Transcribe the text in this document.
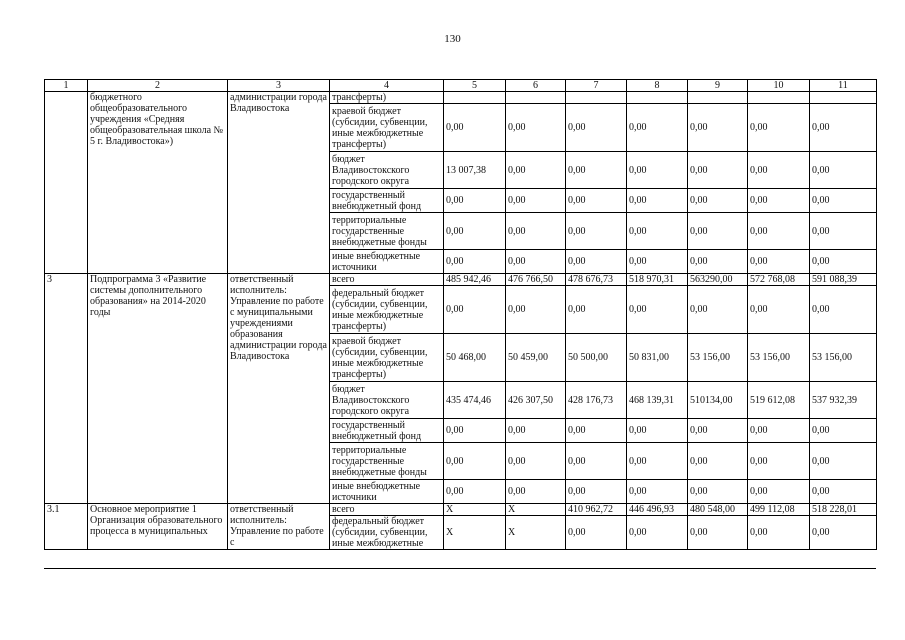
130
1	2	3	4	5	6	7	8	9	10	11
	бюджетного общеобразовательного учреждения «Средняя общеобразовательная школа № 5 г. Владивостока»)	администрации города Владивостока	трансферты)							
			краевой бюджет (субсидии, субвенции, иные межбюджетные трансферты)	0,00	0,00	0,00	0,00	0,00	0,00	0,00
			бюджет Владивостокского городского округа	13 007,38	0,00	0,00	0,00	0,00	0,00	0,00
			государственный внебюджетный фонд	0,00	0,00	0,00	0,00	0,00	0,00	0,00
			территориальные государственные внебюджетные фонды	0,00	0,00	0,00	0,00	0,00	0,00	0,00
			иные внебюджетные источники	0,00	0,00	0,00	0,00	0,00	0,00	0,00
3	Подпрограмма 3 «Развитие системы дополнительного образования» на 2014-2020 годы	ответственный исполнитель: Управление по работе с муниципальными учреждениями образования администрации города Владивостока	всего	485 942,46	476 766,50	478 676,73	518 970,31	563290,00	572 768,08	591 088,39
			федеральный бюджет (субсидии, субвенции, иные межбюджетные трансферты)	0,00	0,00	0,00	0,00	0,00	0,00	0,00
			краевой бюджет (субсидии, субвенции, иные межбюджетные трансферты)	50 468,00	50 459,00	50 500,00	50 831,00	53 156,00	53 156,00	53 156,00
			бюджет Владивостокского городского округа	435 474,46	426 307,50	428 176,73	468 139,31	510134,00	519 612,08	537 932,39
			государственный внебюджетный фонд	0,00	0,00	0,00	0,00	0,00	0,00	0,00
			территориальные государственные внебюджетные фонды	0,00	0,00	0,00	0,00	0,00	0,00	0,00
			иные внебюджетные источники	0,00	0,00	0,00	0,00	0,00	0,00	0,00
3.1	Основное мероприятие 1 Организация образовательного процесса в муниципальных	ответственный исполнитель: Управление по работе с	всего	X	X	410 962,72	446 496,93	480 548,00	499 112,08	518 228,01
			федеральный бюджет (субсидии, субвенции, иные межбюджетные	X	X	0,00	0,00	0,00	0,00	0,00
